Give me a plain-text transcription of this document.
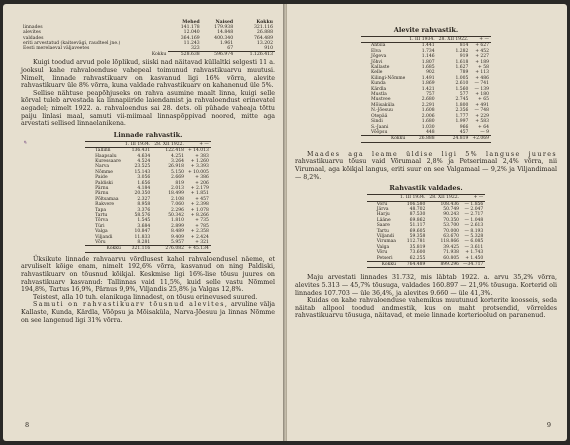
	Mehed	Naised	Kokku
linnades	141.178	179.938	321.116
alevites	12.040	14.848	26.888
valdades	364.169	400.340	764.489
eriti arvestatud (kaitsevägi, raudteel jne.)	11.243	1.961	13.202
Eesti merelaeval väljaveetes	323	67	910
Kokku	528.638	596.974	1.126.413

Kuigi toodud arvud pole lõplikud, siiski nad näitavad küllaltki selgesti 11 a. jooksul kahe rahvaloenduse vahepeal toimunud rahvastikuarvu muutusi. Nimelt, linnade rahvastikuarv on kasvanud ligi 16% võrra, alevite rahvastikuarv üle 8% võrra, kuna valdade rahvastikuarv on kahanenud üle 5%.

Sellise nähtuse peapõhjuseks on rahva asumine maalt linna, kuigi selle kõrval tuleb arvestada ka linnapiiride laiendamist ja rahvaloendust erinevatel aegadel; nimelt 1922. a. rahvaloendus sai 28. dets. oli pühade vaheaja tõttu paiju linlasi maal, samuti vii-miimaal linnaspõppivad noored, mitte aga arvestati sellised linnaelanikena.

Linnade rahvastik.
✎
		1. III 1934.	28. XII 1922.	+ —
Tallinn	136.431	122.418	+ 14.013
Haapsalu	4.634	4.251	+ 383
Kuressaare	4.524	3.264	+ 1.260
Narva	23.525	26.918	+ 3.393
Nõmme	15.143	5.150	+ 10.005
Paide	3.056	2.669	+ 386
Paldiski	1.656	819	+ 206
Pärnu	4.184	2.013	+ 2.179
Pärnu	20.350	18.499	+ 1.851
Põltsamaa	2.327	2.108	+ 457
Rakvere	8.958	7.060	+ 2.398
Tapa	3.376	2.296	+ 1.078
Tartu	58.576	50.342	+ 8.266
Tõrva	1.545	1.810	+ 735
Türi	3.684	2.899	+ 785
Valga	10.847	8.489	+ 2.358
Viljandi	11.833	9.409	+ 2.424
Võru	8.281	5.957	+ 321
Kokku	321.116	276.082	+ 45.134

Üksikute linnade rahvaarvu võrdlusest kahel rahvaloendusel näeme, et arvuliselt kõige enam, nimelt 192,6% võrra, kasvanud on ning Paldiski, rahvastikuarv on tõusnud kõikjal. Keskmise ligi 16%-lise tõusu juures on rahvastikuarv kasvanud: Tallinnas vaid 11,5%, kuid selle vastu Nõmmel 194,8%, Tartus 16,9%, Pärnus 9,9%, Viljandis 25,8% ja Valgas 12,8%.

Teistest, alla 10 tuh. elanikuga linnadest, on tõusu erinevused suured.

Samuti on rahvastikuarv tõusnud alevites, arvuline välja Kallaste, Kunda, Kärdla, Võõpsu ja Mõisaküla, Narva-Jõesuu ja linnas Nõmme on see langenud ligi 31% võrra.

8
Alevite rahvastik.
	1. III 1934.	28. XII 1922.	+ —
Antsla	1.441	814	+ 627
Elva	1.734	1.282	+ 452
Jõgeva	1.146	919	+ 227
Jõhvi	1.807	1.618	+ 189
Kallaste	1.685	1.627	+ 58
Kelle	902	789	+ 113
Kilingi-Nõmme	1.491	1.005	+ 486
Kunda	1.869	2.610	— 741
Kärdla	1.421	1.560	— 139
Mustla	757	577	+ 180
Mustvee	2.680	2.745	+ 65
Mõisaküla	2.291	1.800	+ 491
N.-Jõesuu	1.608	2.356	— 748
Otepää	2.006	1.777	+ 229
Sindi	1.680	1.997	+ 583
S.-Jaani	1.030	966	+ 64
Võõpsu	448	457	— 9
Kokku	26.888	24.819	+2.069

Maades aga leame üldise ligi 5% languse juures rahvastikuarvu tõusu vaid Võrumaal 2,8% ja Petserimaal 2,4% võrra, nii Virumaal, aga kõikjal langus, eriti suur on see Valgamaal — 9,2% ja Viljandimaal — 8,2%.

Rahvastik valdades.
	1. III 1934.	28. XII 1922.	+ —
Võru	106.580	108.436	— 1.856
Järva	48.702	50.749	— 2.047
Harju	87.530	90.243	— 2.717
Lääne	69.862	70.350	— 1.048
Saare	51.117	53.700	— 2.613
Tartu	69.605	70.000	— 8.193
Viljandi	59.358	63.670	— 5.328
Virumaa	112.781	118.866	— 6.085
Valga	35.819	39.425	— 3.611
Võru	73.600	71.938	+ 1.743
Petseri	62.255	60.805	+ 1.450
Kokku	764.489	899.296	—34.717

Maju arvestati linnades 31.732, mis läbtab 1922. a. arvu 35,2% võrra, alevites 5.313 — 45,7% tõusuga, valdades 160.897 — 21,9% tõusuga. Korterid oli linnades 107.703 — üle 36,4%, ja alevites 9.660 — üle 41,3%.

Kuidas on kahe rahvaloenduse vahemikus muutunud korterite koosseis, seda näitab allpool toodud andmestik, kus on maht protsendid, võrreldes rahvastikuarvu tõusuga, näitavad, et meie linnade korterioolud on paranenud.

9
